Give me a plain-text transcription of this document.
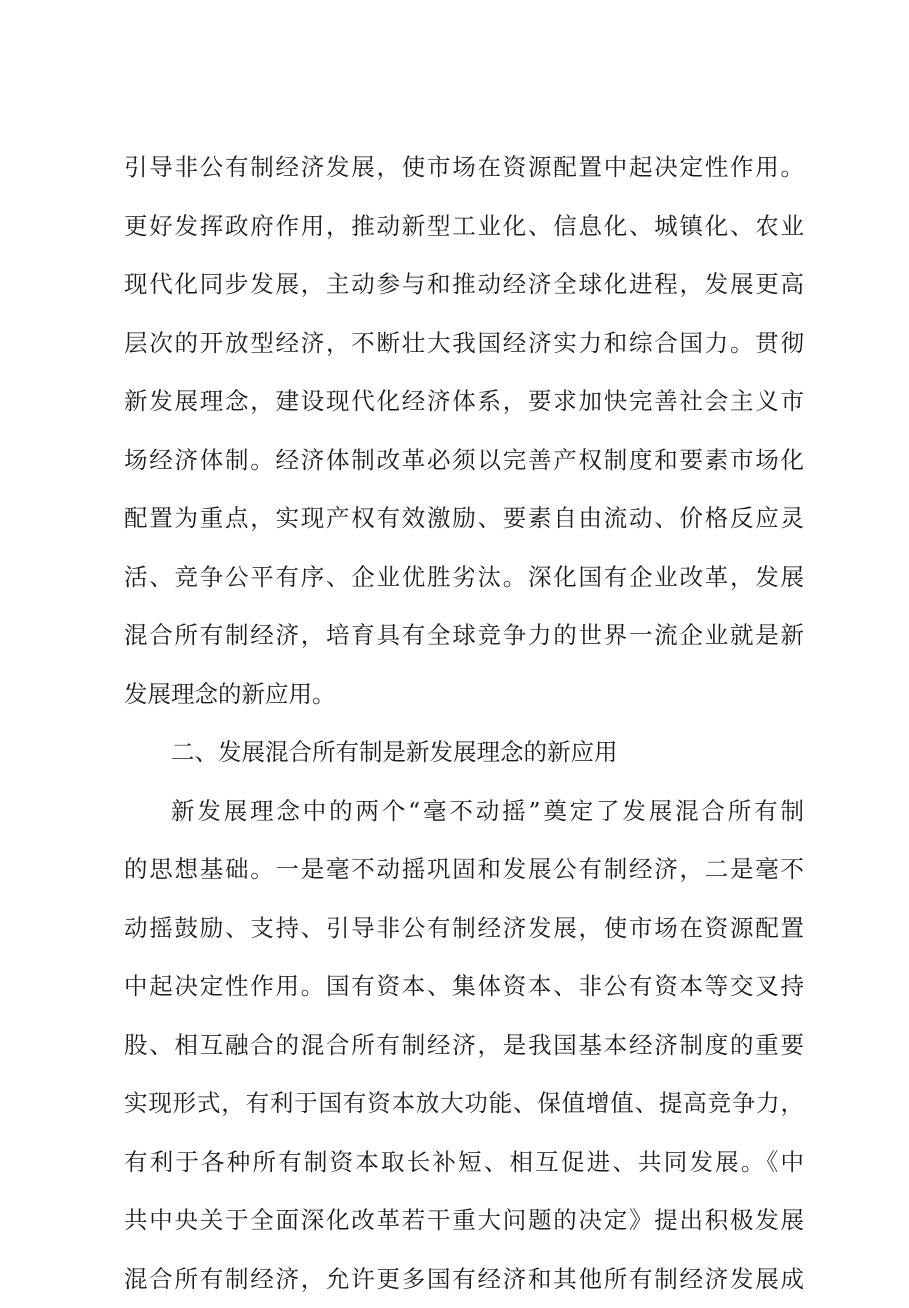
引导非公有制经济发展，使市场在资源配置中起决定性作用。
更好发挥政府作用，推动新型工业化、信息化、城镇化、农业
现代化同步发展，主动参与和推动经济全球化进程，发展更高
层次的开放型经济，不断壮大我国经济实力和综合国力。贯彻
新发展理念，建设现代化经济体系，要求加快完善社会主义市
场经济体制。经济体制改革必须以完善产权制度和要素市场化
配置为重点，实现产权有效激励、要素自由流动、价格反应灵
活、竞争公平有序、企业优胜劣汰。深化国有企业改革，发展
混合所有制经济，培育具有全球竞争力的世界一流企业就是新
发展理念的新应用。
二、发展混合所有制是新发展理念的新应用
新发展理念中的两个“毫不动摇”奠定了发展混合所有制
的思想基础。一是毫不动摇巩固和发展公有制经济，二是毫不
动摇鼓励、支持、引导非公有制经济发展，使市场在资源配置
中起决定性作用。国有资本、集体资本、非公有资本等交叉持
股、相互融合的混合所有制经济，是我国基本经济制度的重要
实现形式，有利于国有资本放大功能、保值增值、提高竞争力，
有利于各种所有制资本取长补短、相互促进、共同发展。《中
共中央关于全面深化改革若干重大问题的决定》提出积极发展
混合所有制经济，允许更多国有经济和其他所有制经济发展成
